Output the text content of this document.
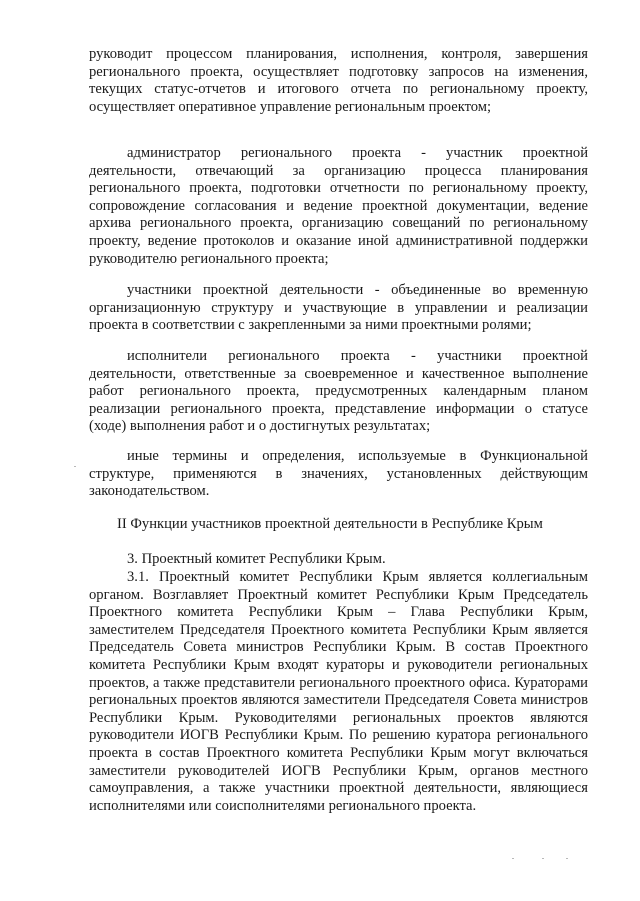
руководит процессом планирования, исполнения, контроля, завершения регионального проекта, осуществляет подготовку запросов на изменения, текущих статус-отчетов и итогового отчета по региональному проекту, осуществляет оперативное управление региональным проектом;

администратор регионального проекта - участник проектной деятельности, отвечающий за организацию процесса планирования регионального проекта, подготовки отчетности по региональному проекту, сопровождение согласования и ведение проектной документации, ведение архива регионального проекта, организацию совещаний по региональному проекту, ведение протоколов и оказание иной административной поддержки руководителю регионального проекта;

участники проектной деятельности - объединенные во временную организационную структуру и участвующие в управлении и реализации проекта в соответствии с закрепленными за ними проектными ролями;

исполнители регионального проекта - участники проектной деятельности, ответственные за своевременное и качественное выполнение работ регионального проекта, предусмотренных календарным планом реализации регионального проекта, представление информации о статусе (ходе) выполнения работ и о достигнутых результатах;

иные термины и определения, используемые в Функциональной структуре, применяются в значениях, установленных действующим законодательством.

II Функции участников проектной деятельности в Республике Крым

3. Проектный комитет Республики Крым.

3.1. Проектный комитет Республики Крым является коллегиальным органом. Возглавляет Проектный комитет Республики Крым Председатель Проектного комитета Республики Крым – Глава Республики Крым, заместителем Председателя Проектного комитета Республики Крым является Председатель Совета министров Республики Крым. В состав Проектного комитета Республики Крым входят кураторы и руководители региональных проектов, а также представители регионального проектного офиса. Кураторами региональных проектов являются заместители Председателя Совета министров Республики Крым. Руководителями региональных проектов являются руководители ИОГВ Республики Крым. По решению куратора регионального проекта в состав Проектного комитета Республики Крым могут включаться заместители руководителей ИОГВ Республики Крым, органов местного самоуправления, а также участники проектной деятельности, являющиеся исполнителями или соисполнителями регионального проекта.
